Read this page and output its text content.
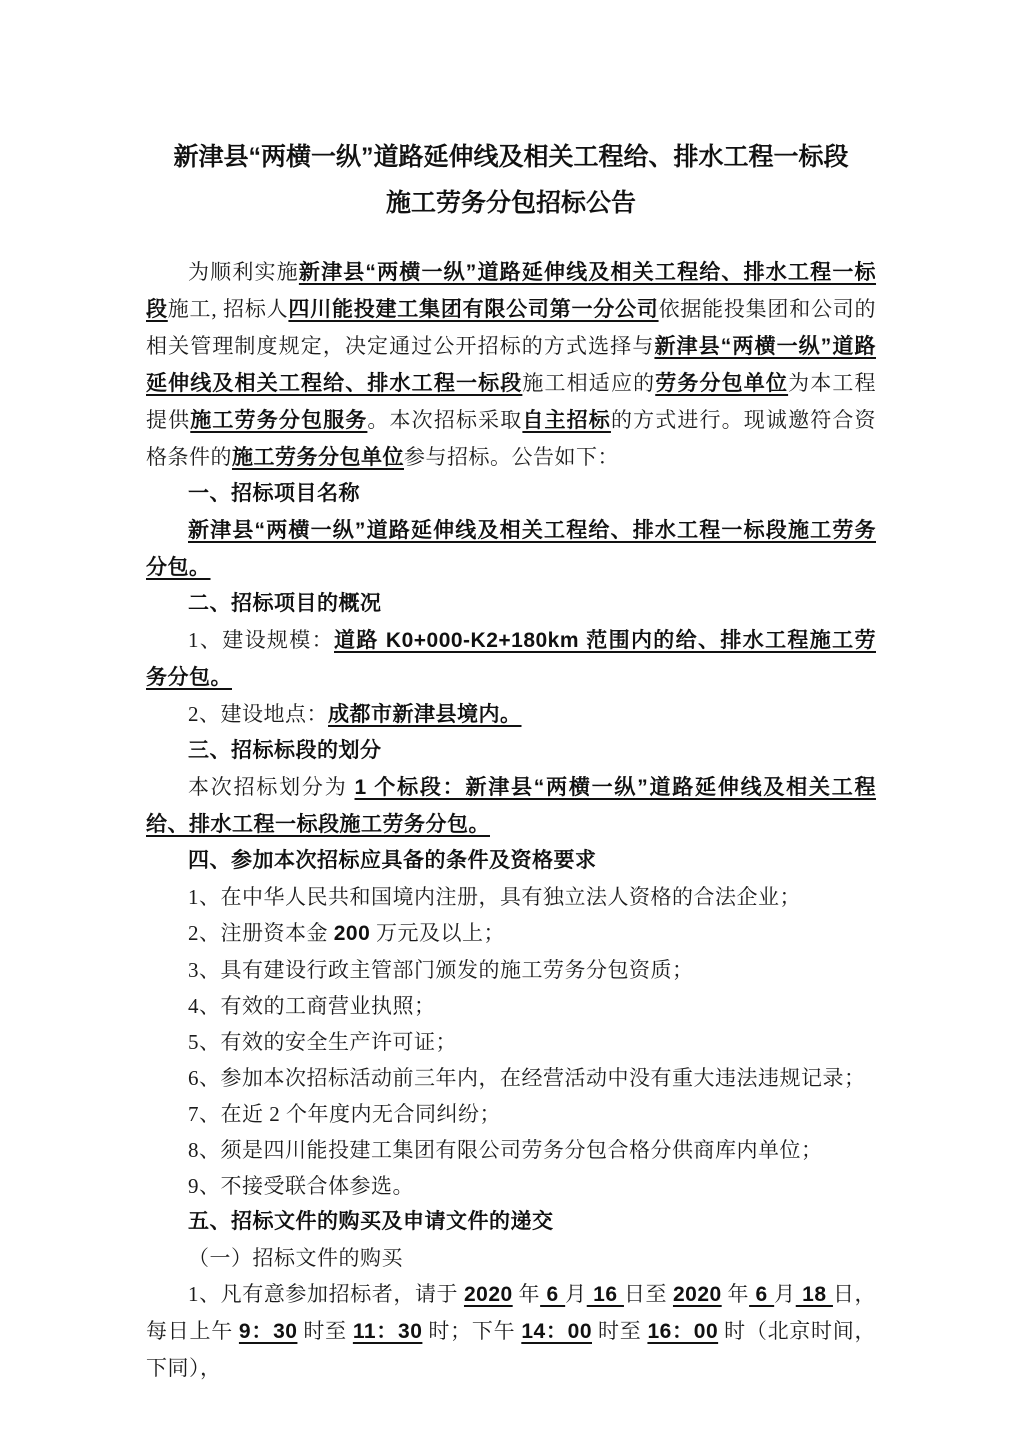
新津县“两横一纵”道路延伸线及相关工程给、排水工程一标段
施工劳务分包招标公告

为顺利实施新津县“两横一纵”道路延伸线及相关工程给、排水工程一标段施工, 招标人四川能投建工集团有限公司第一分公司依据能投集团和公司的相关管理制度规定，决定通过公开招标的方式选择与新津县“两横一纵”道路延伸线及相关工程给、排水工程一标段施工相适应的劳务分包单位为本工程提供施工劳务分包服务。本次招标采取自主招标的方式进行。现诚邀符合资格条件的施工劳务分包单位参与招标。公告如下：

一、招标项目名称

新津县“两横一纵”道路延伸线及相关工程给、排水工程一标段施工劳务分包。

二、招标项目的概况

1、建设规模：道路 K0+000-K2+180km 范围内的给、排水工程施工劳务分包。

2、建设地点：成都市新津县境内。

三、招标标段的划分

本次招标划分为 1 个标段：新津县“两横一纵”道路延伸线及相关工程给、排水工程一标段施工劳务分包。

四、参加本次招标应具备的条件及资格要求

1、在中华人民共和国境内注册，具有独立法人资格的合法企业；

2、注册资本金 200 万元及以上；

3、具有建设行政主管部门颁发的施工劳务分包资质；

4、有效的工商营业执照；

5、有效的安全生产许可证；

6、参加本次招标活动前三年内，在经营活动中没有重大违法违规记录；

7、在近 2 个年度内无合同纠纷；

8、须是四川能投建工集团有限公司劳务分包合格分供商库内单位；

9、不接受联合体参选。

五、招标文件的购买及申请文件的递交

（一）招标文件的购买

1、凡有意参加招标者，请于 2020 年 6 月 16 日至 2020 年 6 月 18 日，每日上午 9：30 时至 11：30 时；下午 14：00 时至 16：00 时（北京时间，下同），
